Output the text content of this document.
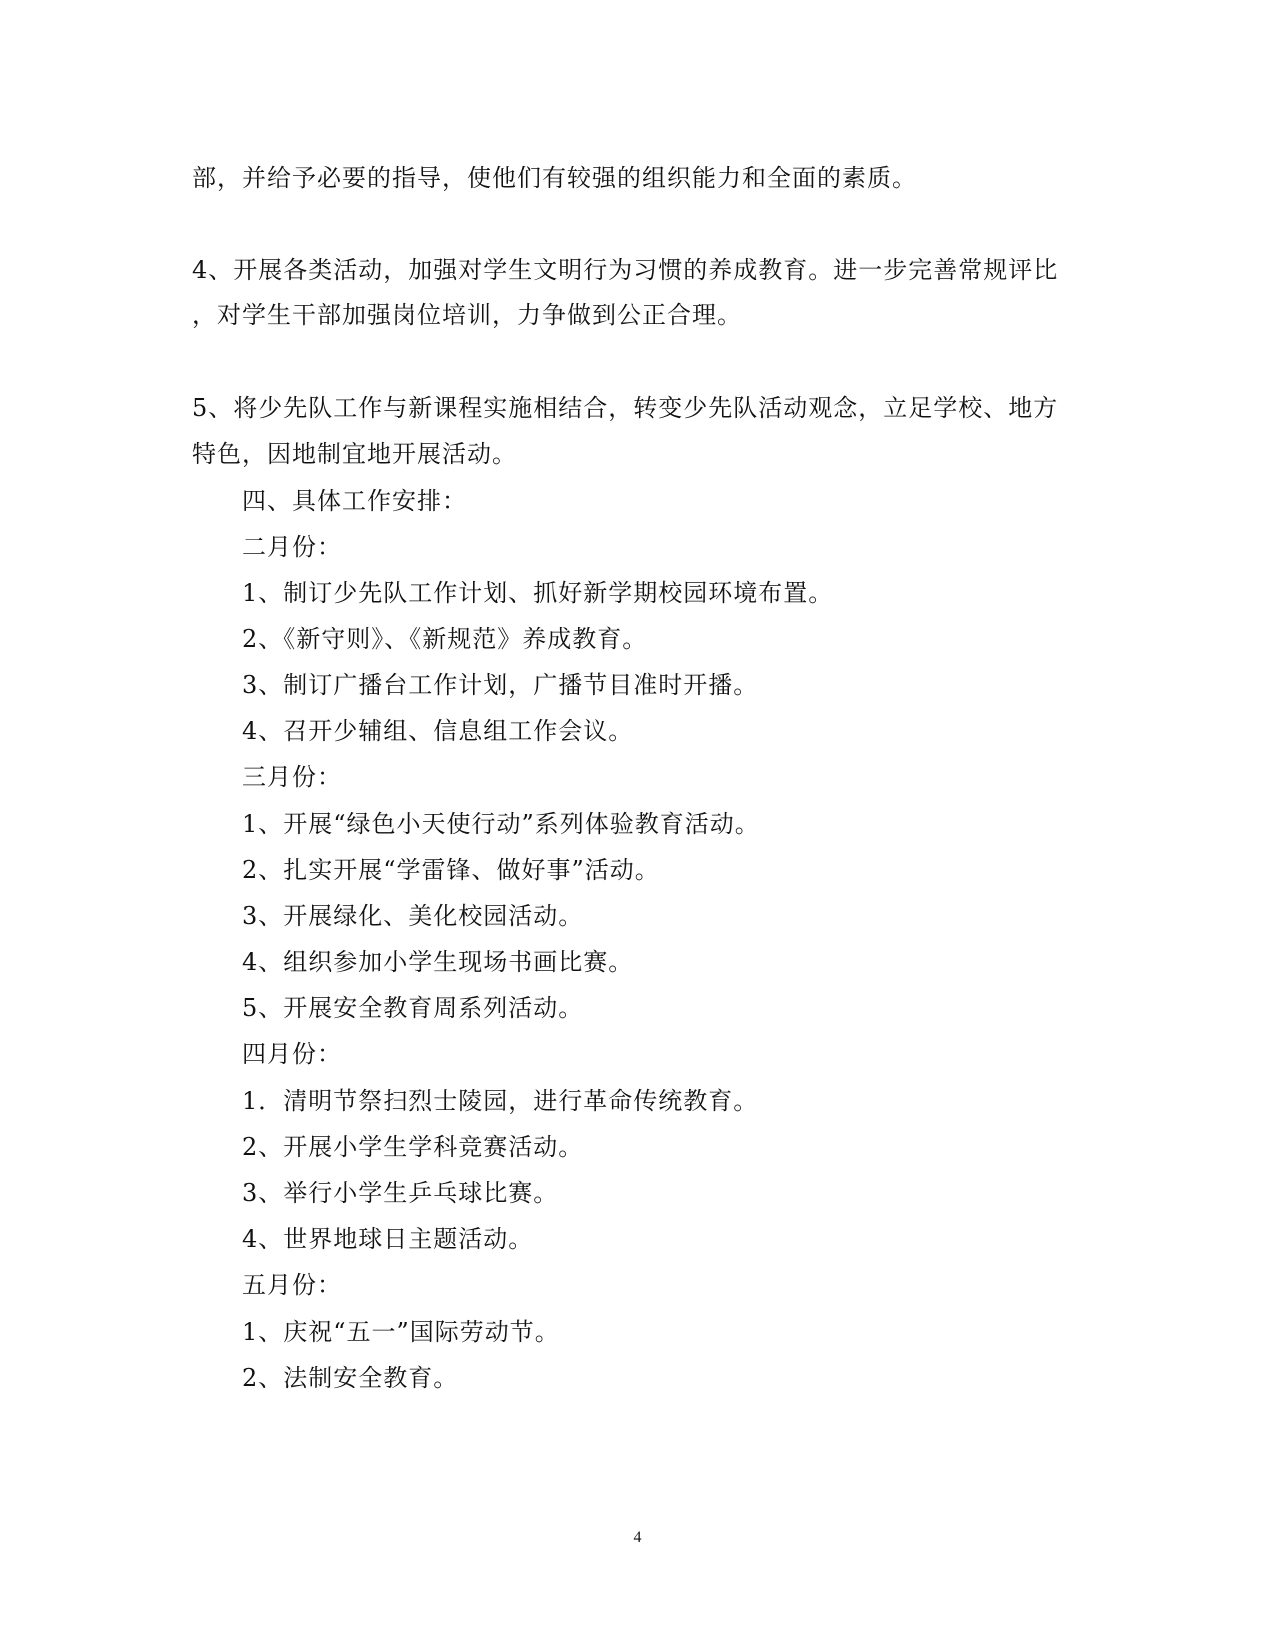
部，并给予必要的指导，使他们有较强的组织能力和全面的素质。
4、开展各类活动，加强对学生文明行为习惯的养成教育。进一步完善常规评比
，对学生干部加强岗位培训，力争做到公正合理。
5、将少先队工作与新课程实施相结合，转变少先队活动观念，立足学校、地方
特色，因地制宜地开展活动。
四、具体工作安排：
二月份：
1、制订少先队工作计划、抓好新学期校园环境布置。
2、《新守则》、《新规范》养成教育。
3、制订广播台工作计划，广播节目准时开播。
4、召开少辅组、信息组工作会议。
三月份：
1、开展“绿色小天使行动”系列体验教育活动。
2、扎实开展“学雷锋、做好事”活动。
3、开展绿化、美化校园活动。
4、组织参加小学生现场书画比赛。
5、开展安全教育周系列活动。
四月份：
1．清明节祭扫烈士陵园，进行革命传统教育。
2、开展小学生学科竞赛活动。
3、举行小学生乒乓球比赛。
4、世界地球日主题活动。
五月份：
1、庆祝“五一”国际劳动节。
2、法制安全教育。
4
